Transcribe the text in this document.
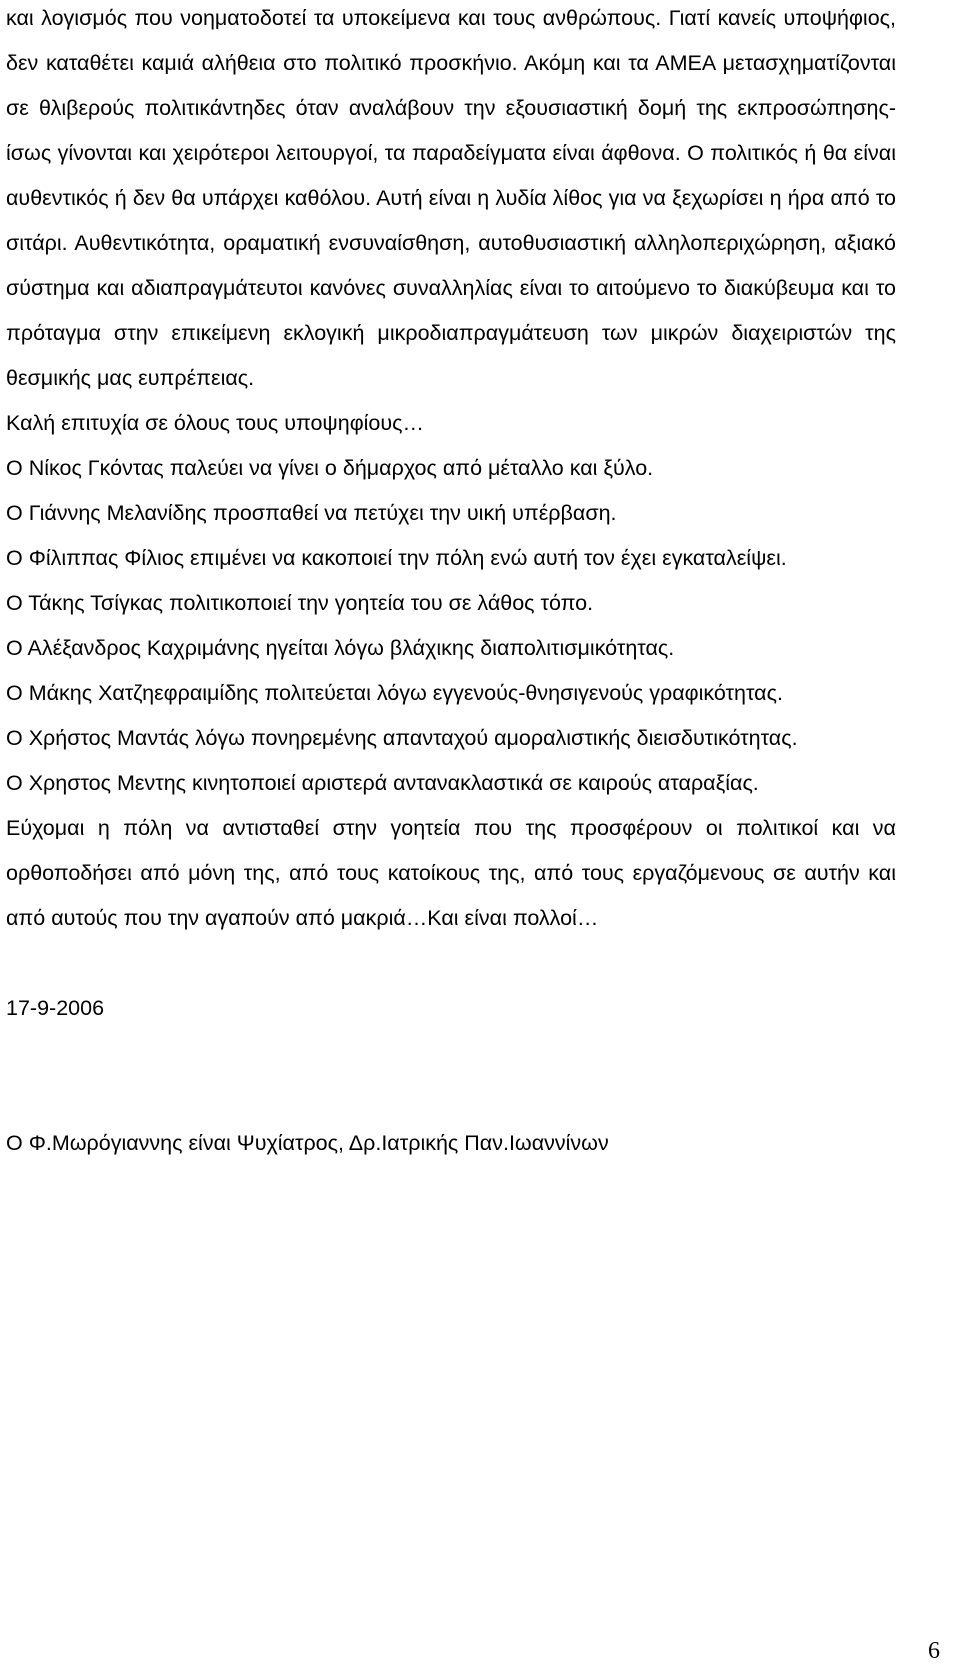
και λογισμός που νοηματοδοτεί τα υποκείμενα και τους ανθρώπους. Γιατί κανείς υποψήφιος, δεν καταθέτει καμιά αλήθεια στο πολιτικό προσκήνιο. Ακόμη και τα ΑΜΕΑ μετασχηματίζονται σε θλιβερούς πολιτικάντηδες όταν αναλάβουν την εξουσιαστική δομή της εκπροσώπησης-ίσως γίνονται και χειρότεροι λειτουργοί, τα παραδείγματα είναι άφθονα. Ο πολιτικός ή θα είναι αυθεντικός ή δεν θα υπάρχει καθόλου. Αυτή είναι η λυδία λίθος για να ξεχωρίσει η ήρα από το σιτάρι. Αυθεντικότητα, οραματική ενσυναίσθηση, αυτοθυσιαστική αλληλοπεριχώρηση, αξιακό σύστημα και αδιαπραγμάτευτοι κανόνες συναλληλίας είναι το αιτούμενο το διακύβευμα και το πρόταγμα στην επικείμενη εκλογική μικροδιαπραγμάτευση των μικρών διαχειριστών της θεσμικής μας ευπρέπειας.

Καλή επιτυχία σε όλους τους υποψηφίους…

Ο Νίκος Γκόντας παλεύει να γίνει ο δήμαρχος από μέταλλο και ξύλο.

Ο Γιάννης Μελανίδης προσπαθεί να πετύχει την υική υπέρβαση.

Ο Φίλιππας Φίλιος επιμένει να κακοποιεί την πόλη ενώ αυτή τον έχει εγκαταλείψει.

Ο Τάκης Τσίγκας πολιτικοποιεί την γοητεία του σε λάθος τόπο.

Ο Αλέξανδρος Καχριμάνης ηγείται λόγω βλάχικης διαπολιτισμικότητας.

Ο Μάκης Χατζηεφραιμίδης πολιτεύεται λόγω εγγενούς-θνησιγενούς γραφικότητας.

Ο Χρήστος Μαντάς λόγω πονηρεμένης απανταχού αμοραλιστικής διεισδυτικότητας.

Ο Χρηστος Μεντης κινητοποιεί αριστερά αντανακλαστικά σε καιρούς αταραξίας.

Εύχομαι η πόλη να αντισταθεί στην γοητεία που της προσφέρουν οι πολιτικοί και να ορθοποδήσει από μόνη της, από τους κατοίκους της, από τους εργαζόμενους σε αυτήν και από αυτούς που την αγαπούν από μακριά…Και είναι πολλοί…

17-9-2006

Ο Φ.Μωρόγιαννης είναι Ψυχίατρος, Δρ.Ιατρικής Παν.Ιωαννίνων

6
